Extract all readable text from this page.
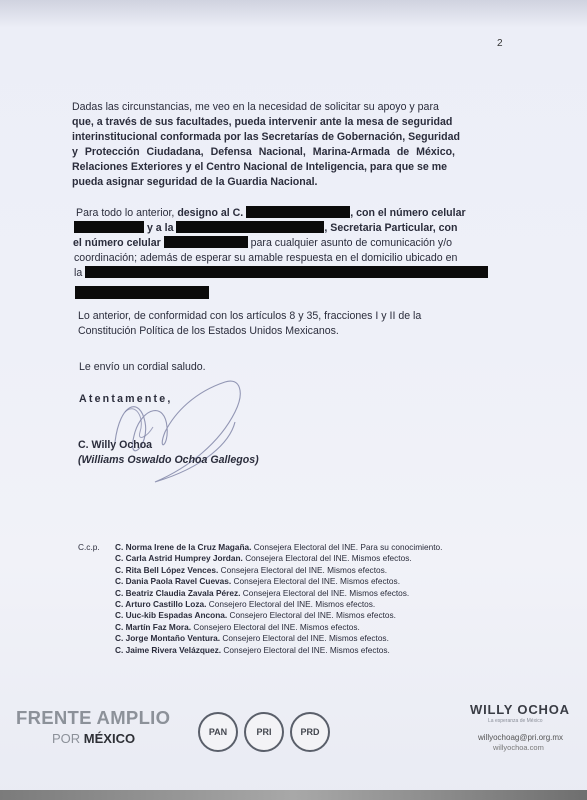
2
Dadas las circunstancias, me veo en la necesidad de solicitar su apoyo y para
que, a través de sus facultades, pueda intervenir ante la mesa de seguridad
interinstitucional conformada por las Secretarías de Gobernación, Seguridad
y Protección Ciudadana, Defensa Nacional, Marina-Armada de México,
Relaciones Exteriores y el Centro Nacional de Inteligencia, para que se me
pueda asignar seguridad de la Guardia Nacional.
Para todo lo anterior, designo al C.	, con el número celular
y a la	, Secretaria Particular, con
el número celular	para cualquier asunto de comunicación y/o
coordinación; además de esperar su amable respuesta en el domicilio ubicado en
la
Lo anterior, de conformidad con los artículos 8 y 35, fracciones I y II de la
Constitución Política de los Estados Unidos Mexicanos.
Le envío un cordial saludo.
Atentamente,
C. Willy Ochoa
(Williams Oswaldo Ochoa Gallegos)
C.c.p. C. Norma Irene de la Cruz Magaña. Consejera Electoral del INE. Para su conocimiento.
C. Carla Astrid Humprey Jordan. Consejera Electoral del INE. Mismos efectos.
C. Rita Bell López Vences. Consejera Electoral del INE. Mismos efectos.
C. Dania Paola Ravel Cuevas. Consejera Electoral del INE. Mismos efectos.
C. Beatriz Claudia Zavala Pérez. Consejera Electoral del INE. Mismos efectos.
C. Arturo Castillo Loza. Consejero Electoral del INE. Mismos efectos.
C. Uuc-kib Espadas Ancona. Consejero Electoral del INE. Mismos efectos.
C. Martín Faz Mora. Consejero Electoral del INE. Mismos efectos.
C. Jorge Montaño Ventura. Consejero Electoral del INE. Mismos efectos.
C. Jaime Rivera Velázquez. Consejero Electoral del INE. Mismos efectos.
FRENTE AMPLIO
POR MÉXICO	PAN	PRI	PRD
WILLY OCHOA
La esperanza de México
willyochoag@pri.org.mx
willyochoa.com
